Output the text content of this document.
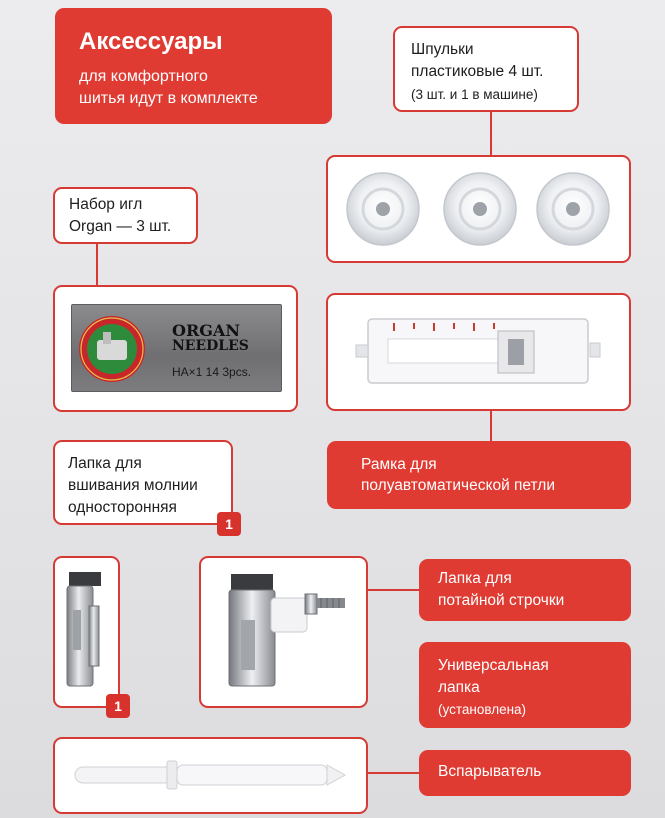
Аксессуары
для комфортного
шитья идут в комплекте
Шпульки
пластиковые 4 шт.
(3 шт. и 1 в машине)
Набор игл
Organ — 3 шт.
ORGAN
NEEDLES
HA×1 14 3pcs.
Рамка для
полуавтоматической петли
Лапка для
вшивания молнии
односторонняя
1
1
Лапка для
потайной строчки
Универсальная
лапка
(установлена)
Вспарыватель
